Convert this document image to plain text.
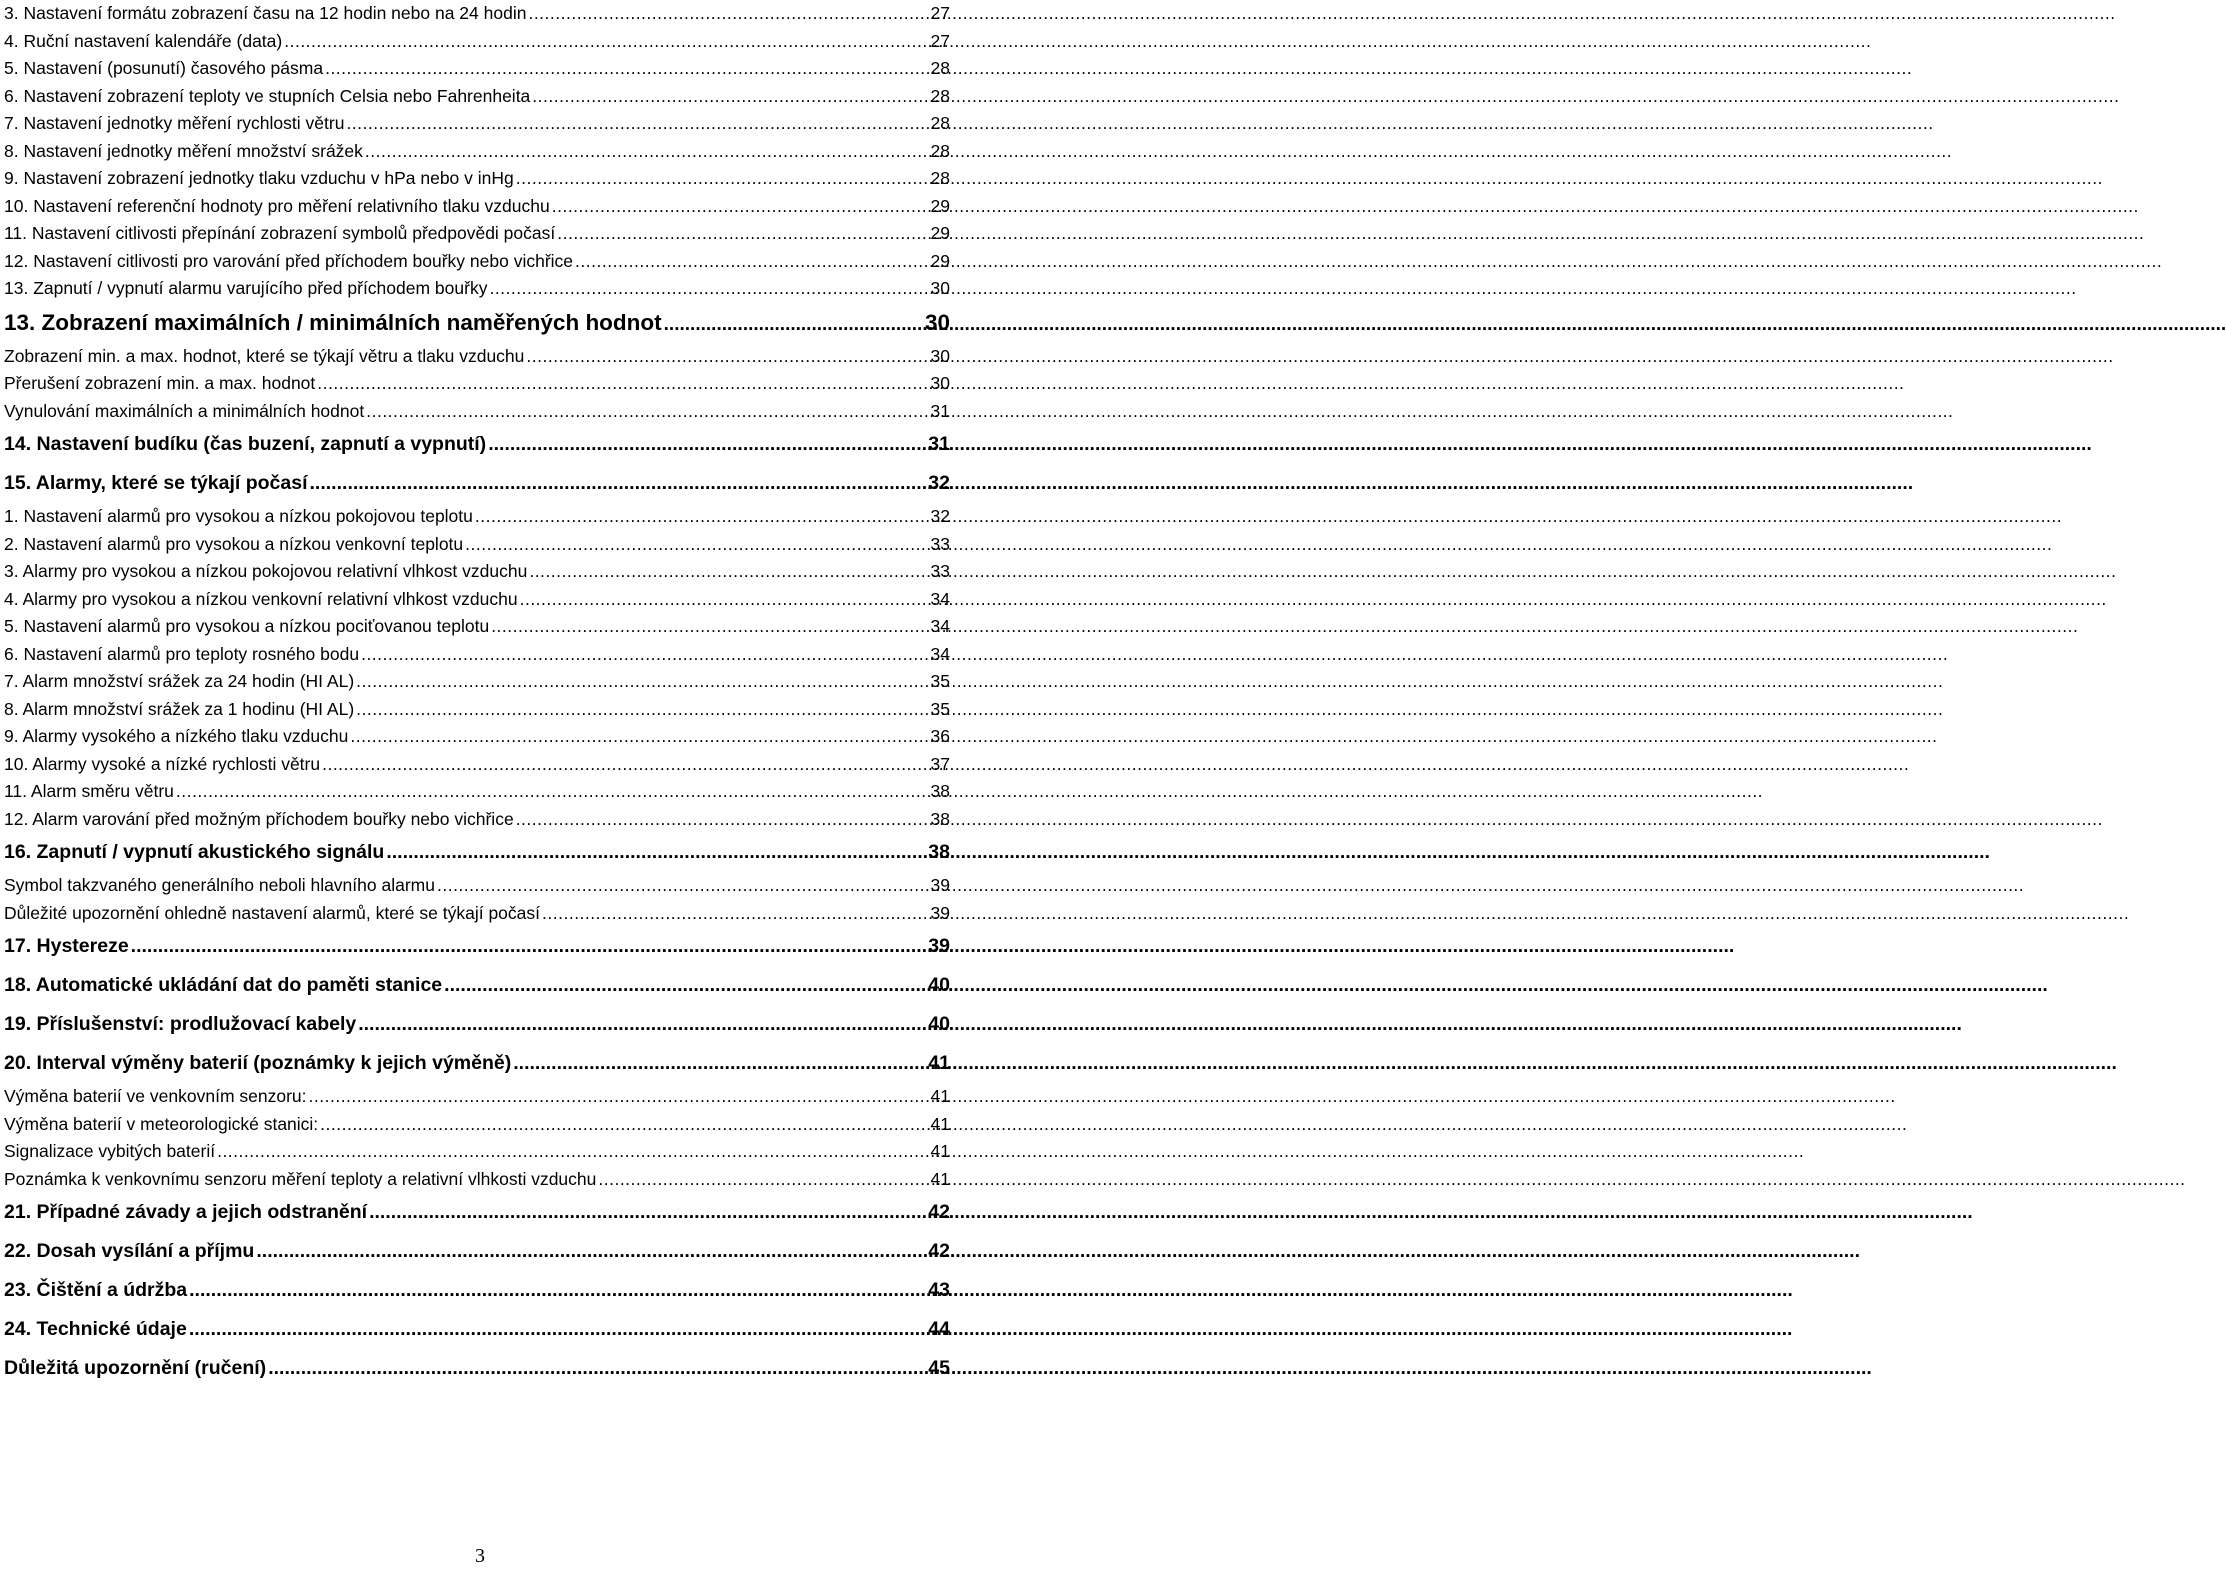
3. Nastavení formátu zobrazení času na 12 hodin nebo na 24 hodin .....	27
4. Ruční nastavení kalendáře (data) .....	27
5. Nastavení (posunutí) časového pásma .....	28
6. Nastavení zobrazení teploty ve stupních Celsia nebo Fahrenheita .....	28
7. Nastavení jednotky měření rychlosti větru .....	28
8. Nastavení jednotky měření množství srážek .....	28
9. Nastavení zobrazení jednotky tlaku vzduchu v hPa nebo v inHg .....	28
10. Nastavení referenční hodnoty pro měření relativního tlaku vzduchu .....	29
11. Nastavení citlivosti přepínání zobrazení symbolů předpovědi počasí .....	29
12. Nastavení citlivosti pro varování před příchodem bouřky nebo vichřice .....	29
13. Zapnutí / vypnutí alarmu varujícího před příchodem bouřky .....	30
13. Zobrazení maximálních / minimálních naměřených hodnot .....	30
Zobrazení min. a max. hodnot, které se týkají větru a tlaku vzduchu .....	30
Přerušení zobrazení min. a max. hodnot .....	30
Vynulování maximálních a minimálních hodnot .....	31
14. Nastavení budíku (čas buzení, zapnutí a vypnutí) .....	31
15. Alarmy, které se týkají počasí .....	32
1. Nastavení alarmů pro vysokou a nízkou pokojovou teplotu .....	32
2. Nastavení alarmů pro vysokou a nízkou venkovní teplotu .....	33
3. Alarmy pro vysokou a nízkou pokojovou relativní vlhkost vzduchu .....	33
4. Alarmy pro vysokou a nízkou venkovní relativní vlhkost vzduchu .....	34
5. Nastavení alarmů pro vysokou a nízkou pociťovanou teplotu .....	34
6. Nastavení alarmů pro teploty rosného bodu .....	34
7. Alarm množství srážek za 24 hodin (HI AL) .....	35
8. Alarm množství srážek za 1 hodinu (HI AL) .....	35
9. Alarmy vysokého a nízkého tlaku vzduchu .....	36
10. Alarmy vysoké a nízké rychlosti větru .....	37
11. Alarm směru větru .....	38
12. Alarm varování před možným příchodem bouřky nebo vichřice .....	38
16. Zapnutí / vypnutí akustického signálu .....	38
Symbol takzvaného generálního neboli hlavního alarmu .....	39
Důležité upozornění ohledně nastavení alarmů, které se týkají počasí .....	39
17. Hystereze .....	39
18. Automatické ukládání dat do paměti stanice .....	40
19. Příslušenství: prodlužovací kabely .....	40
20. Interval výměny baterií (poznámky k jejich výměně) .....	41
Výměna baterií ve venkovním senzoru: .....	41
Výměna baterií v meteorologické stanici: .....	41
Signalizace vybitých baterií .....	41
Poznámka k venkovnímu senzoru měření teploty a relativní vlhkosti vzduchu .....	41
21. Případné závady a jejich odstranění .....	42
22. Dosah vysílání a příjmu .....	42
23. Čištění a údržba .....	43
24. Technické údaje .....	44
Důležitá upozornění (ručení) .....	45
3
